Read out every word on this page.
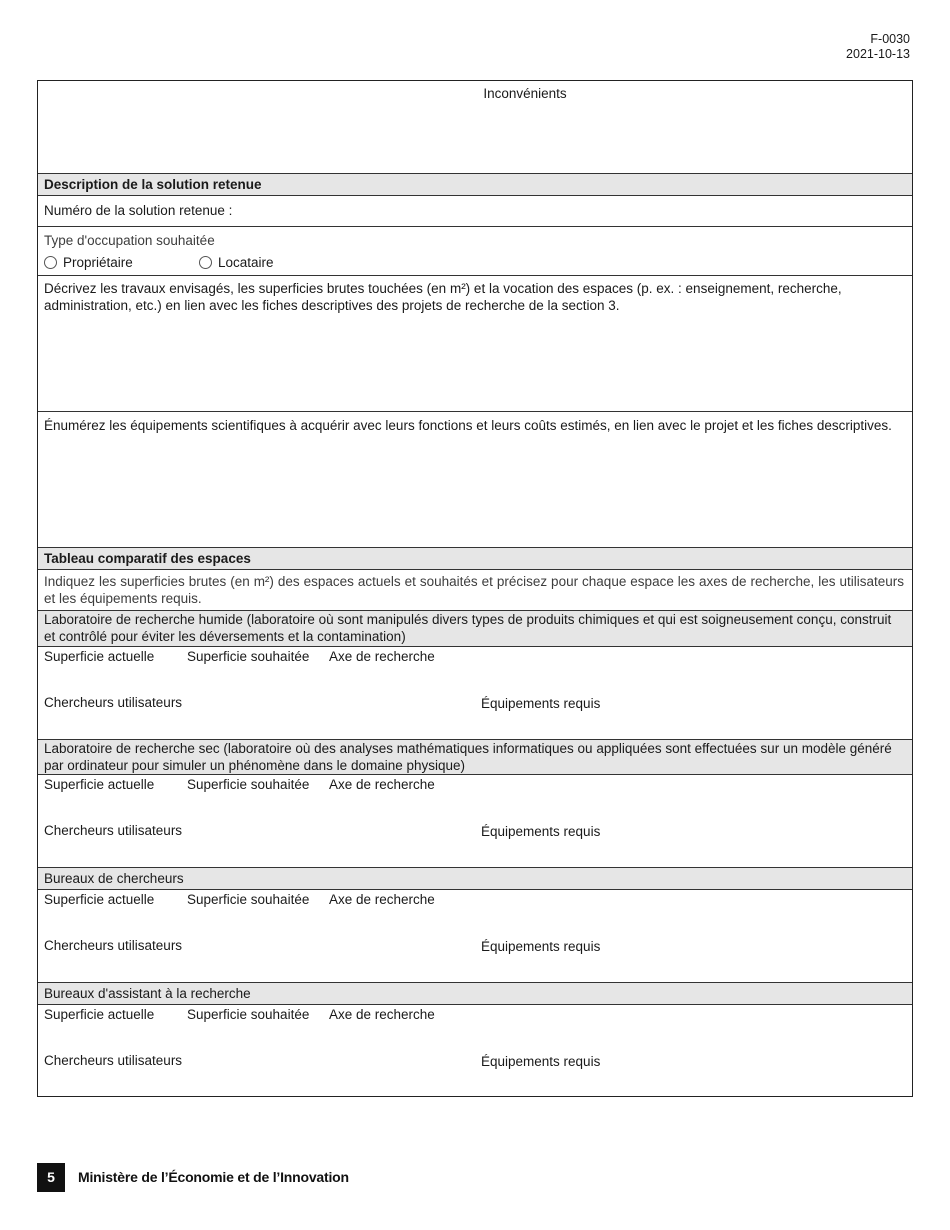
F-0030
2021-10-13
Inconvénients
Description de la solution retenue
Numéro de la solution retenue :
Type d'occupation souhaitée
Propriétaire	Locataire
Décrivez les travaux envisagés, les superficies brutes touchées (en m²) et la vocation des espaces (p. ex. : enseignement, recherche, administration, etc.) en lien avec les fiches descriptives des projets de recherche de la section 3.
Énumérez les équipements scientifiques à acquérir avec leurs fonctions et leurs coûts estimés, en lien avec le projet et les fiches descriptives.
Tableau comparatif des espaces
Indiquez les superficies brutes (en m²) des espaces actuels et souhaités et précisez pour chaque espace les axes de recherche, les utilisateurs et les équipements requis.
Laboratoire de recherche humide (laboratoire où sont manipulés divers types de produits chimiques et qui est soigneusement conçu, construit et contrôlé pour éviter les déversements et la contamination)
Superficie actuelle Superficie souhaitée Axe de recherche
Chercheurs utilisateurs	Équipements requis
Laboratoire de recherche sec (laboratoire où des analyses mathématiques informatiques ou appliquées sont effectuées sur un modèle généré par ordinateur pour simuler un phénomène dans le domaine physique)
Superficie actuelle Superficie souhaitée Axe de recherche
Chercheurs utilisateurs	Équipements requis
Bureaux de chercheurs
Superficie actuelle Superficie souhaitée Axe de recherche
Chercheurs utilisateurs	Équipements requis
Bureaux d'assistant à la recherche
Superficie actuelle Superficie souhaitée Axe de recherche
Chercheurs utilisateurs	Équipements requis
5	Ministère de l’Économie et de l’Innovation
